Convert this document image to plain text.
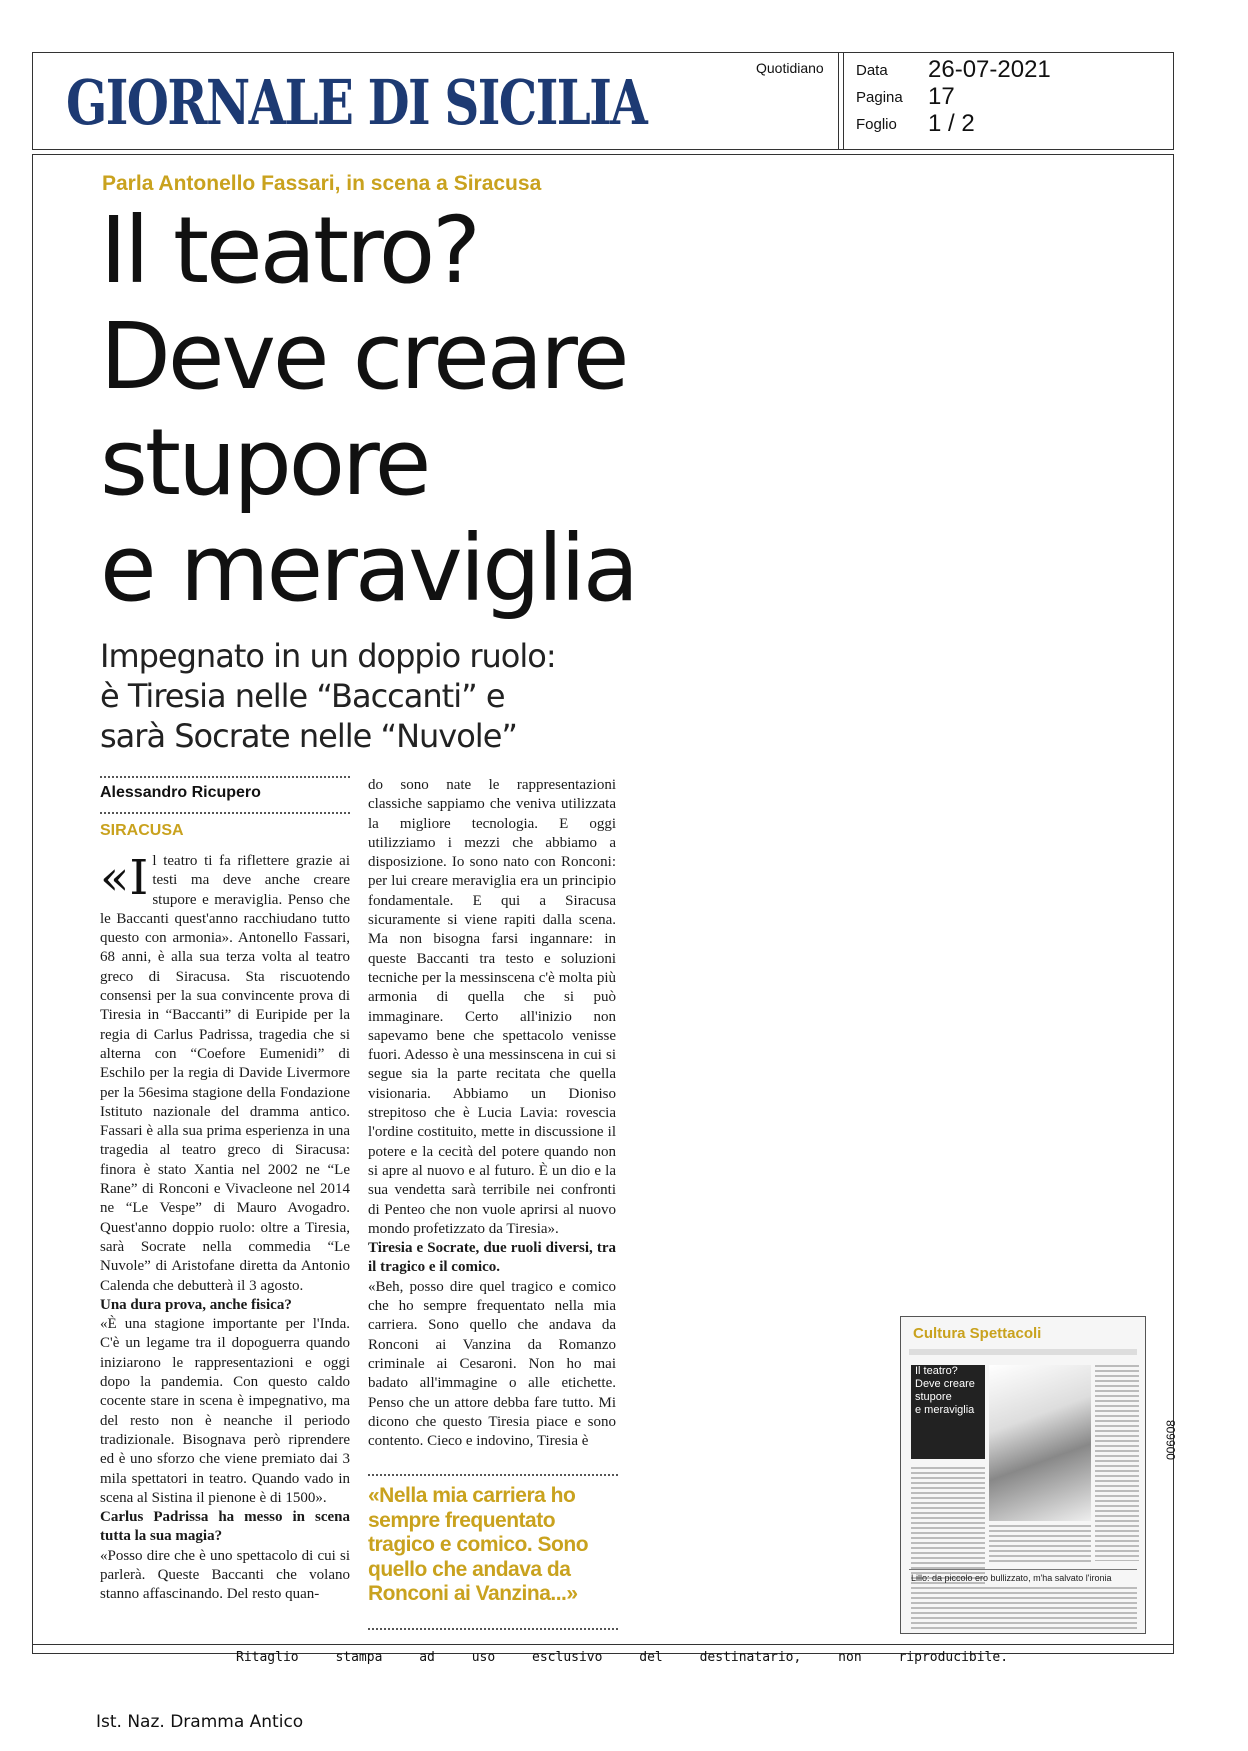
GIORNALE DI SICILIA	Quotidiano Data 26-07-2021
Pagina 17
Foglio 1 / 2
Parla Antonello Fassari, in scena a Siracusa
Il teatro?
Deve creare
stupore
e meraviglia
Impegnato in un doppio ruolo:
è Tiresia nelle “Baccanti” e
sarà Socrate nelle “Nuvole”
Alessandro Ricupero
SIRACUSA

«Il teatro ti fa riflettere grazie ai testi ma deve anche creare stupore e meraviglia. Penso che le Baccanti quest'anno racchiudano tutto questo con armonia». Antonello Fassari, 68 anni, è alla sua terza volta al teatro greco di Siracusa. Sta riscuotendo consensi per la sua convincente prova di Tiresia in “Baccanti” di Euripide per la regia di Carlus Padrissa, tragedia che si alterna con “Coefore Eumenidi” di Eschilo per la regia di Davide Livermore per la 56esima stagione della Fondazione Istituto nazionale del dramma antico. Fassari è alla sua prima esperienza in una tragedia al teatro greco di Siracusa: finora è stato Xantia nel 2002 ne “Le Rane” di Ronconi e Vivacleone nel 2014 ne “Le Vespe” di Mauro Avogadro. Quest'anno doppio ruolo: oltre a Tiresia, sarà Socrate nella commedia “Le Nuvole” di Aristofane diretta da Antonio Calenda che debutterà il 3 agosto.

Una dura prova, anche fisica?

«È una stagione importante per l'Inda. C'è un legame tra il dopoguerra quando iniziarono le rappresentazioni e oggi dopo la pandemia. Con questo caldo cocente stare in scena è impegnativo, ma del resto non è neanche il periodo tradizionale. Bisognava però riprendere ed è uno sforzo che viene premiato dai 3 mila spettatori in teatro. Quando vado in scena al Sistina il pienone è di 1500».

Carlus Padrissa ha messo in scena tutta la sua magia?

«Posso dire che è uno spettacolo di cui si parlerà. Queste Baccanti che volano stanno affascinando. Del resto quan-

do sono nate le rappresentazioni classiche sappiamo che veniva utilizzata la migliore tecnologia. E oggi utilizziamo i mezzi che abbiamo a disposizione. Io sono nato con Ronconi: per lui creare meraviglia era un principio fondamentale. E qui a Siracusa sicuramente si viene rapiti dalla scena. Ma non bisogna farsi ingannare: in queste Baccanti tra testo e soluzioni tecniche per la messinscena c'è molta più armonia di quella che si può immaginare. Certo all'inizio non sapevamo bene che spettacolo venisse fuori. Adesso è una messinscena in cui si segue sia la parte recitata che quella visionaria. Abbiamo un Dioniso strepitoso che è Lucia Lavia: rovescia l'ordine costituito, mette in discussione il potere e la cecità del potere quando non si apre al nuovo e al futuro. È un dio e la sua vendetta sarà terribile nei confronti di Penteo che non vuole aprirsi al nuovo mondo profetizzato da Tiresia».

Tiresia e Socrate, due ruoli diversi, tra il tragico e il comico.

«Beh, posso dire quel tragico e comico che ho sempre frequentato nella mia carriera. Sono quello che andava da Ronconi ai Vanzina da Romanzo criminale ai Cesaroni. Non ho mai badato all'immagine o alle etichette. Penso che un attore debba fare tutto. Mi dicono che questo Tiresia piace e sono contento. Cieco e indovino, Tiresia è

«Nella mia carriera ho sempre frequentato tragico e comico. Sono quello che andava da Ronconi ai Vanzina...»
Cultura Spettacoli
Il teatro?
Deve creare
stupore
e meraviglia
Lillo: da piccolo ero bullizzato, m'ha salvato l'ironia
006608
Ritaglio stampa ad uso esclusivo del destinatario, non riproducibile.
Ist. Naz. Dramma Antico
